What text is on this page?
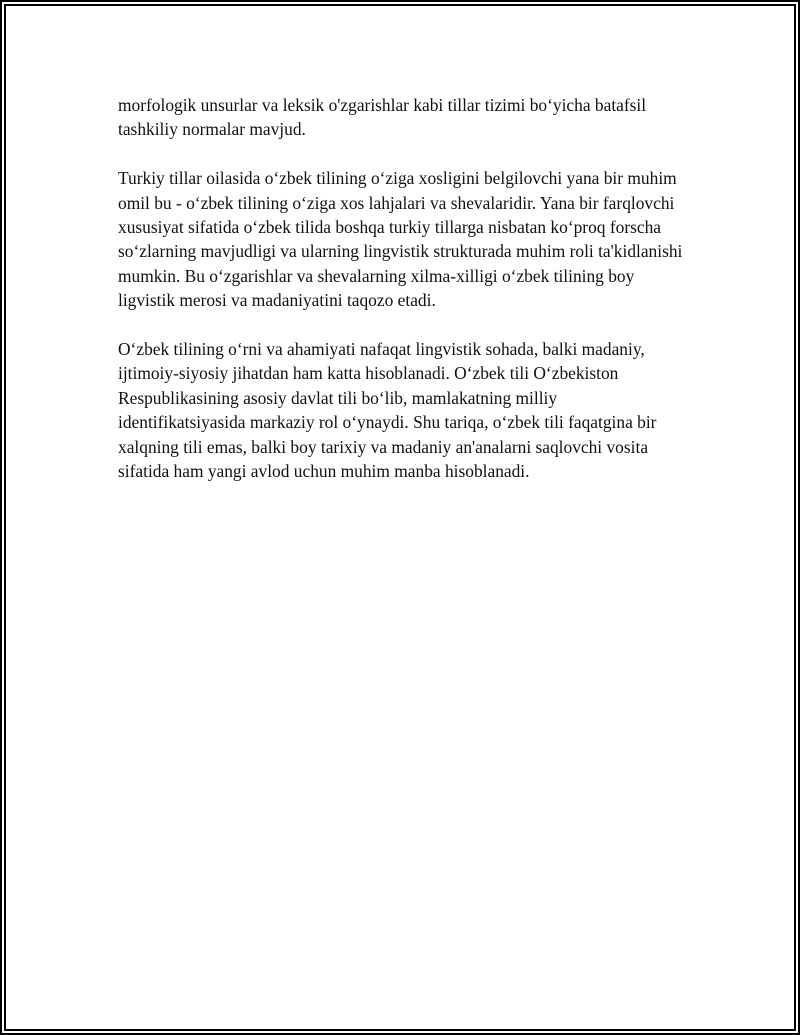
morfologik unsurlar va leksik o'zgarishlar kabi tillar tizimi bo‘yicha batafsil tashkiliy normalar mavjud.

Turkiy tillar oilasida o‘zbek tilining o‘ziga xosligini belgilovchi yana bir muhim omil bu - o‘zbek tilining o‘ziga xos lahjalari va shevalaridir. Yana bir farqlovchi xususiyat sifatida o‘zbek tilida boshqa turkiy tillarga nisbatan ko‘proq forscha so‘zlarning mavjudligi va ularning lingvistik strukturada muhim roli ta'kidlanishi mumkin. Bu o‘zgarishlar va shevalarning xilma-xilligi o‘zbek tilining boy ligvistik merosi va madaniyatini taqozo etadi.

O‘zbek tilining o‘rni va ahamiyati nafaqat lingvistik sohada, balki madaniy, ijtimoiy-siyosiy jihatdan ham katta hisoblanadi. O‘zbek tili O‘zbekiston Respublikasining asosiy davlat tili bo‘lib, mamlakatning milliy identifikatsiyasida markaziy rol o‘ynaydi. Shu tariqa, o‘zbek tili faqatgina bir xalqning tili emas, balki boy tarixiy va madaniy an'analarni saqlovchi vosita sifatida ham yangi avlod uchun muhim manba hisoblanadi.
